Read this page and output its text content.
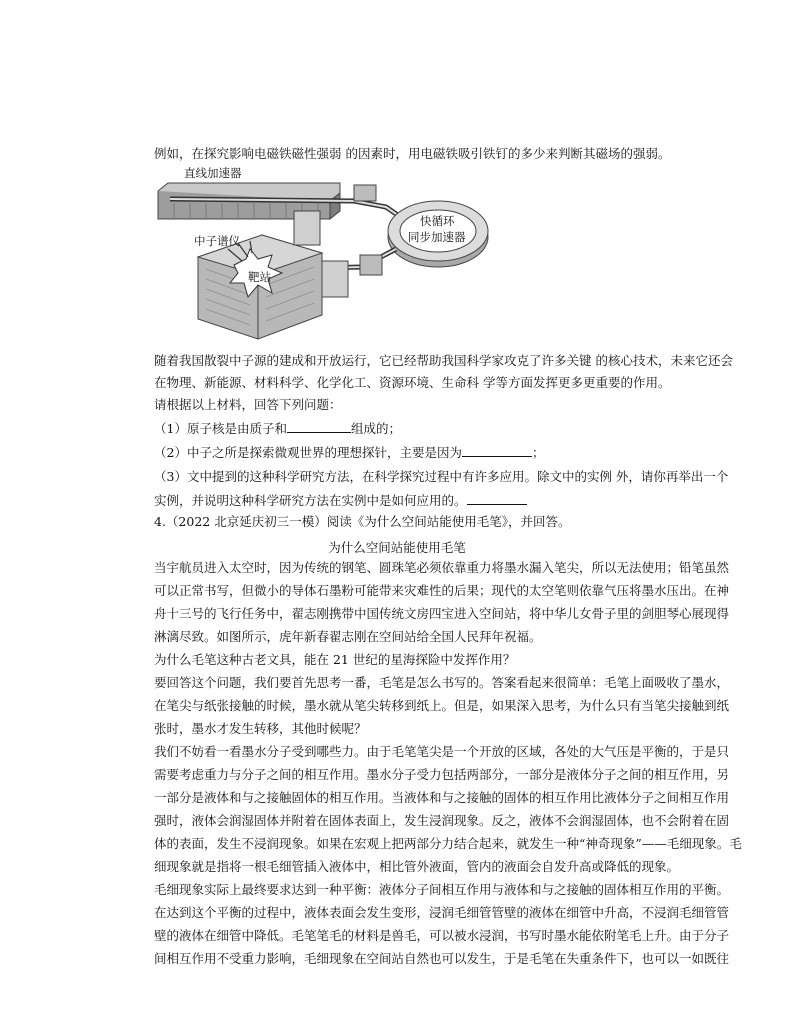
例如，在探究影响电磁铁磁性强弱 的因素时，用电磁铁吸引铁钉的多少来判断其磁场的强弱。
直线加速器
快循环
同步加速器
中子谱仪
靶站
随着我国散裂中子源的建成和开放运行，它已经帮助我国科学家攻克了许多关键 的核心技术，未来它还会
在物理、新能源、材料科学、化学化工、资源环境、生命科 学等方面发挥更多更重要的作用。
请根据以上材料，回答下列问题：
（1）原子核是由质子和	组成的；
（2）中子之所是探索微观世界的理想探针，主要是因为	；
（3）文中提到的这种科学研究方法，在科学探究过程中有许多应用。除文中的实例 外，请你再举出一个
实例，并说明这种科学研究方法在实例中是如何应用的。
4.（2022 北京延庆初三一模）阅读《为什么空间站能使用毛笔》，并回答。
为什么空间站能使用毛笔
当宇航员进入太空时，因为传统的钢笔、圆珠笔必须依靠重力将墨水漏入笔尖，所以无法使用；铅笔虽然
可以正常书写，但微小的导体石墨粉可能带来灾难性的后果；现代的太空笔则依靠气压将墨水压出。在神
舟十三号的飞行任务中，翟志刚携带中国传统文房四宝进入空间站，将中华儿女骨子里的剑胆琴心展现得
淋漓尽致。如图所示，虎年新春翟志刚在空间站给全国人民拜年祝福。
为什么毛笔这种古老文具，能在 21 世纪的星海探险中发挥作用？
要回答这个问题，我们要首先思考一番，毛笔是怎么书写的。答案看起来很简单：毛笔上面吸收了墨水，
在笔尖与纸张接触的时候，墨水就从笔尖转移到纸上。但是，如果深入思考，为什么只有当笔尖接触到纸
张时，墨水才发生转移，其他时候呢？
我们不妨看一看墨水分子受到哪些力。由于毛笔笔尖是一个开放的区域，各处的大气压是平衡的，于是只
需要考虑重力与分子之间的相互作用。墨水分子受力包括两部分，一部分是液体分子之间的相互作用，另
一部分是液体和与之接触固体的相互作用。当液体和与之接触的固体的相互作用比液体分子之间相互作用
强时，液体会润湿固体并附着在固体表面上，发生浸润现象。反之，液体不会润湿固体，也不会附着在固
体的表面，发生不浸润现象。如果在宏观上把两部分力结合起来，就发生一种“神奇现象”——毛细现象。毛
细现象就是指将一根毛细管插入液体中，相比管外液面，管内的液面会自发升高或降低的现象。
毛细现象实际上最终要求达到一种平衡：液体分子间相互作用与液体和与之接触的固体相互作用的平衡。
在达到这个平衡的过程中，液体表面会发生变形，浸润毛细管管壁的液体在细管中升高，不浸润毛细管管
壁的液体在细管中降低。毛笔笔毛的材料是兽毛，可以被水浸润，书写时墨水能依附笔毛上升。由于分子
间相互作用不受重力影响，毛细现象在空间站自然也可以发生，于是毛笔在失重条件下，也可以一如既往
